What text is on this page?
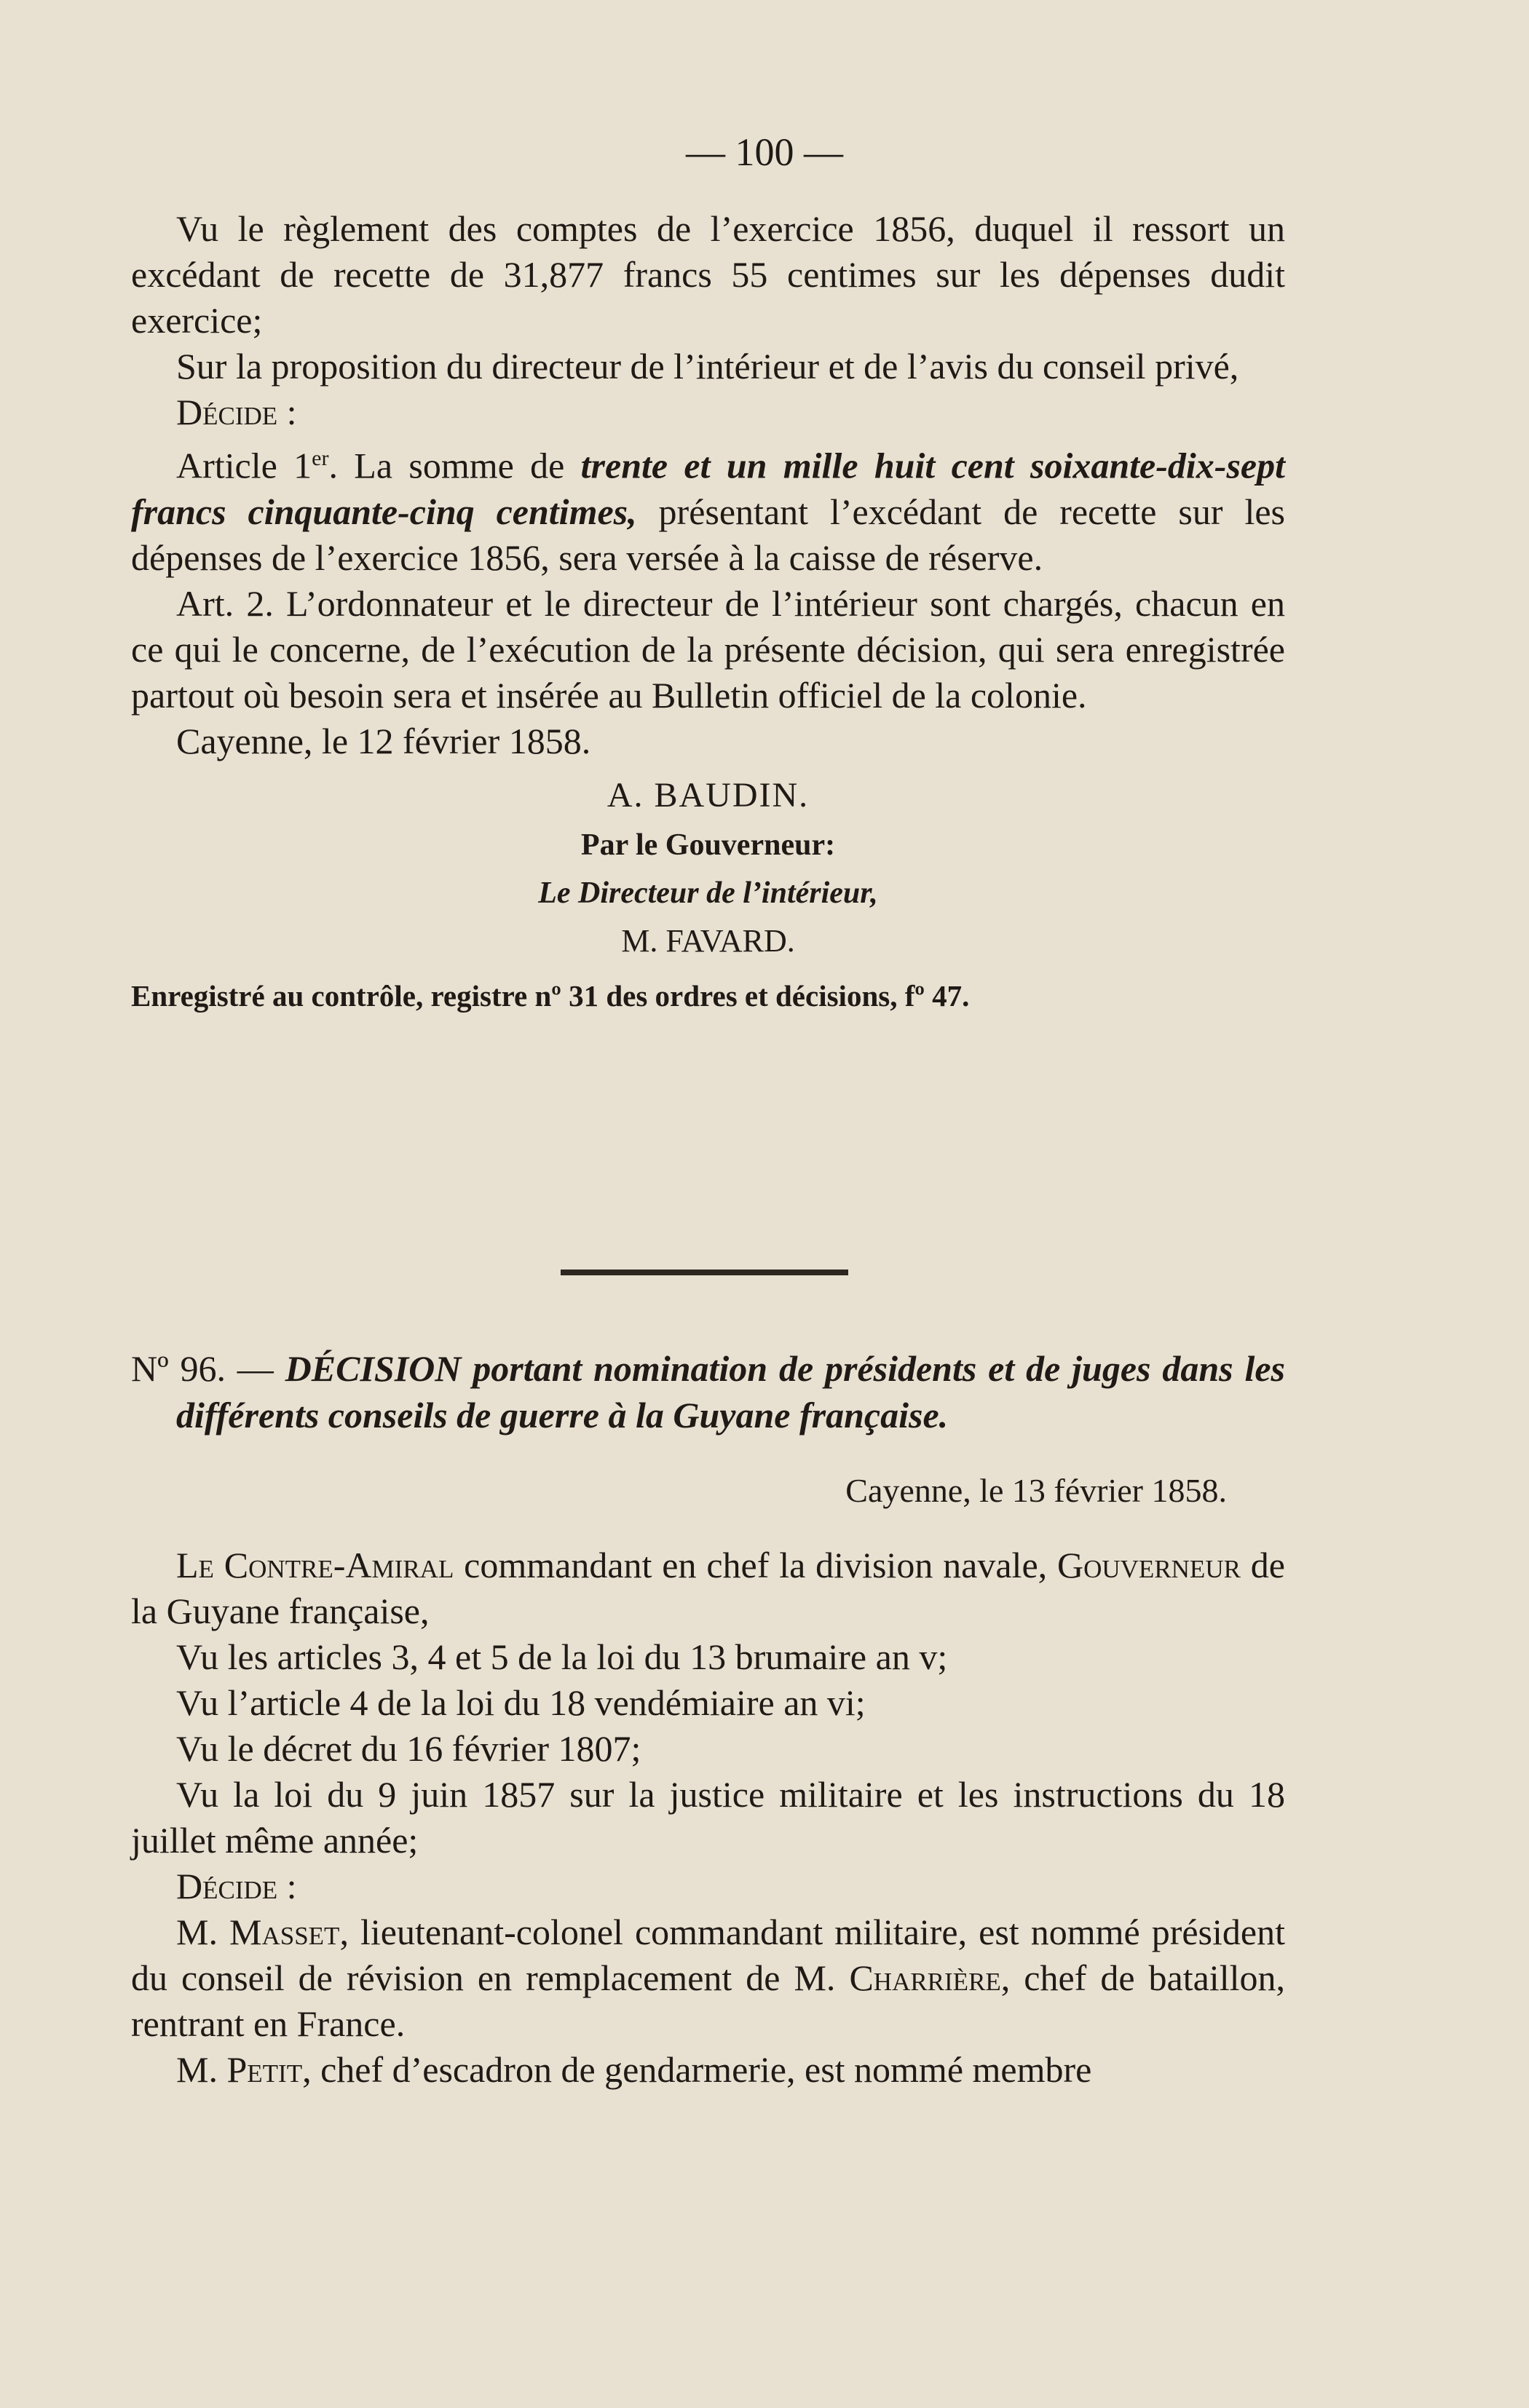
— 100 —

Vu le règlement des comptes de l’exercice 1856, duquel il ressort un excédant de recette de 31,877 francs 55 centimes sur les dépenses dudit exercice;

Sur la proposition du directeur de l’intérieur et de l’avis du conseil privé,

Décide :

Article 1er. La somme de trente et un mille huit cent soixante-dix-sept francs cinquante-cinq centimes, présentant l’excédant de recette sur les dépenses de l’exercice 1856, sera versée à la caisse de réserve.

Art. 2. L’ordonnateur et le directeur de l’intérieur sont chargés, chacun en ce qui le concerne, de l’exécution de la présente décision, qui sera enregistrée partout où besoin sera et insérée au Bulletin officiel de la colonie.

Cayenne, le 12 février 1858.

A. BAUDIN.

Par le Gouverneur:

Le Directeur de l’intérieur,

M. FAVARD.

Enregistré au contrôle, registre nº 31 des ordres et décisions, fº 47.

Nº 96. — DÉCISION portant nomination de présidents et de juges dans les différents conseils de guerre à la Guyane française.

Cayenne, le 13 février 1858.

Le Contre-Amiral commandant en chef la division navale, Gouverneur de la Guyane française,

Vu les articles 3, 4 et 5 de la loi du 13 brumaire an v;

Vu l’article 4 de la loi du 18 vendémiaire an vi;

Vu le décret du 16 février 1807;

Vu la loi du 9 juin 1857 sur la justice militaire et les instructions du 18 juillet même année;

Décide :

M. Masset, lieutenant-colonel commandant militaire, est nommé président du conseil de révision en remplacement de M. Charrière, chef de bataillon, rentrant en France.

M. Petit, chef d’escadron de gendarmerie, est nommé membre
